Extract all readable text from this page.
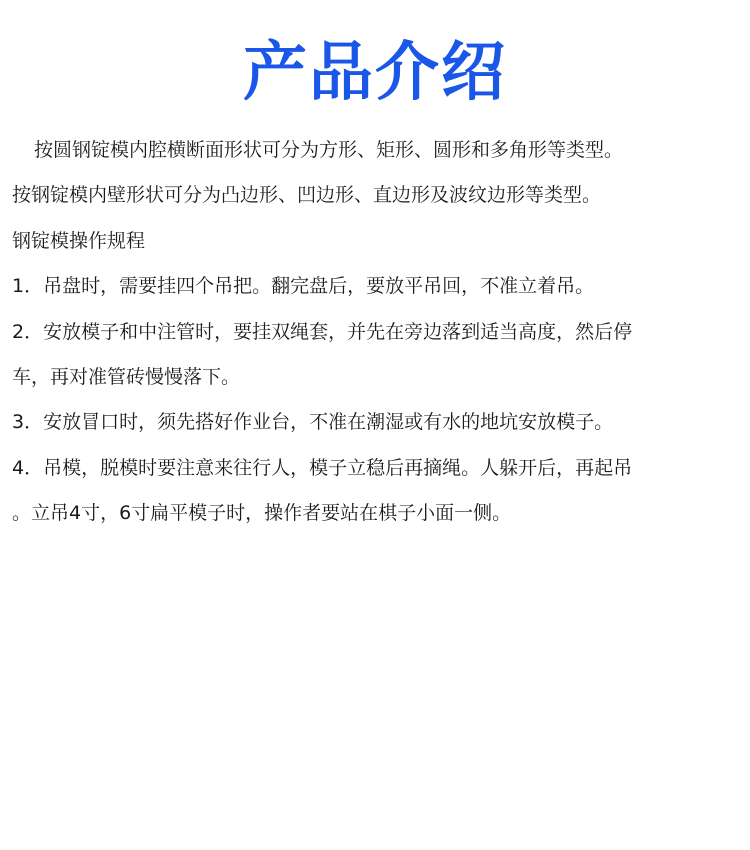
产品介绍
按圆钢锭模内腔横断面形状可分为方形、矩形、圆形和多角形等类型。
按钢锭模内壁形状可分为凸边形、凹边形、直边形及波纹边形等类型。
钢锭模操作规程
1．吊盘时，需要挂四个吊把。翻完盘后，要放平吊回，不准立着吊。
2．安放模子和中注管时，要挂双绳套，并先在旁边落到适当高度，然后停
车，再对准管砖慢慢落下。
3．安放冒口时，须先搭好作业台，不准在潮湿或有水的地坑安放模子。
4．吊模，脱模时要注意来往行人，模子立稳后再摘绳。人躲开后，再起吊
。立吊4寸，6寸扁平模子时，操作者要站在棋子小面一侧。
